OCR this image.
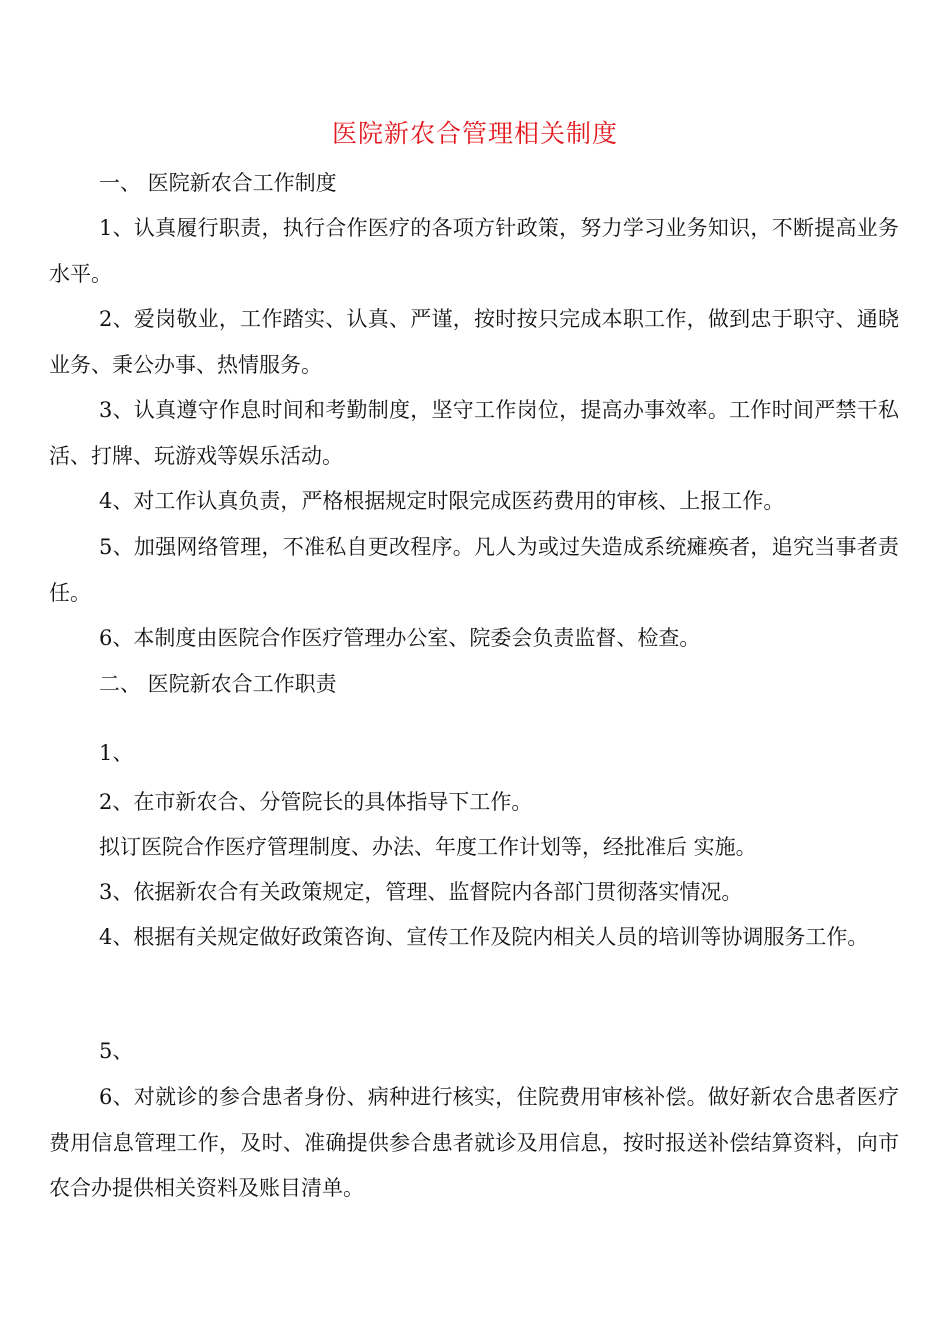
医院新农合管理相关制度

一、 医院新农合工作制度

1、认真履行职责，执行合作医疗的各项方针政策，努力学习业务知识，不断提高业务水平。

2、爱岗敬业，工作踏实、认真、严谨，按时按只完成本职工作，做到忠于职守、通晓业务、秉公办事、热情服务。

3、认真遵守作息时间和考勤制度，坚守工作岗位，提高办事效率。工作时间严禁干私活、打牌、玩游戏等娱乐活动。

4、对工作认真负责，严格根据规定时限完成医药费用的审核、上报工作。

5、加强网络管理，不准私自更改程序。凡人为或过失造成系统瘫痪者，追究当事者责任。

6、本制度由医院合作医疗管理办公室、院委会负责监督、检查。

二、 医院新农合工作职责

1、

2、在市新农合、分管院长的具体指导下工作。

拟订医院合作医疗管理制度、办法、年度工作计划等，经批准后 实施。

3、依据新农合有关政策规定，管理、监督院内各部门贯彻落实情况。

4、根据有关规定做好政策咨询、宣传工作及院内相关人员的培训等协调服务工作。

5、

6、对就诊的参合患者身份、病种进行核实，住院费用审核补偿。做好新农合患者医疗费用信息管理工作，及时、准确提供参合患者就诊及用信息，按时报送补偿结算资料，向市农合办提供相关资料及账目清单。
